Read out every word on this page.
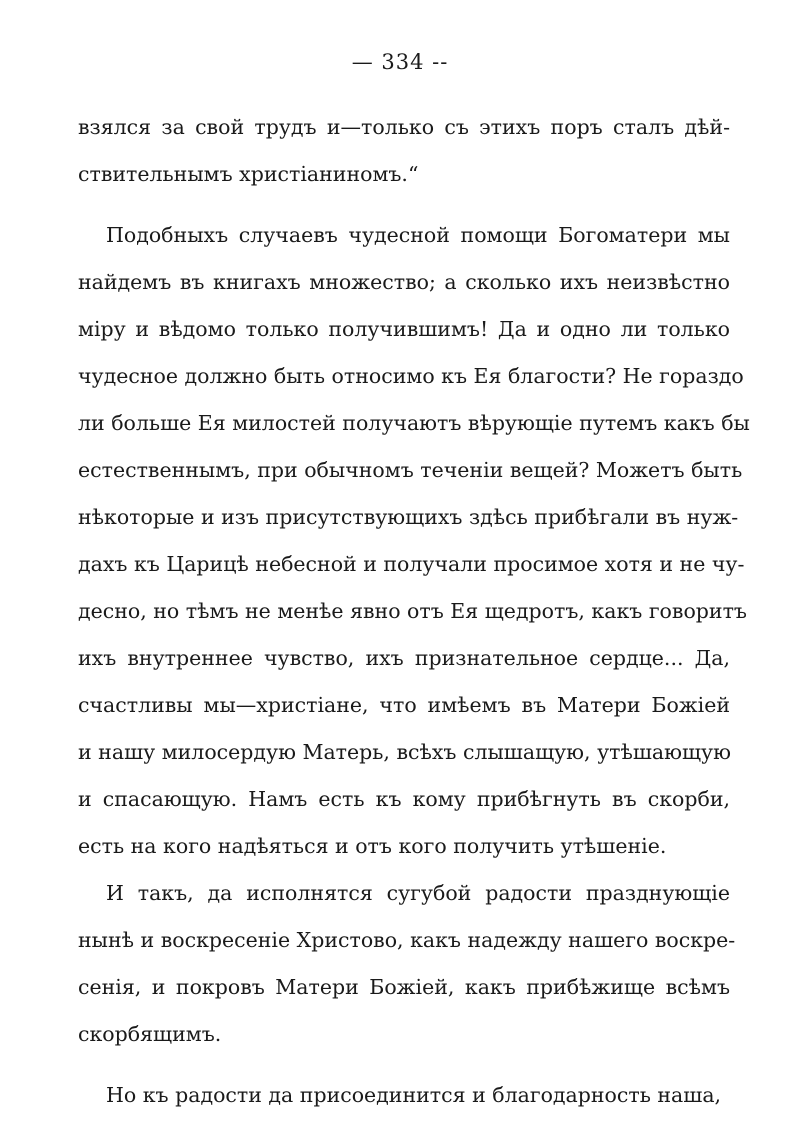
— 334 --
взялся за свой трудъ и—только съ этихъ поръ сталъ дѣй-
ствительнымъ христіаниномъ.“
Подобныхъ случаевъ чудесной помощи Богоматери мы
найдемъ въ книгахъ множество; а сколько ихъ неизвѣстно
міру и вѣдомо только получившимъ! Да и одно ли только
чудесное должно быть относимо къ Ея благости? Не гораздо
ли больше Ея милостей получаютъ вѣрующіе путемъ какъ бы
естественнымъ, при обычномъ теченіи вещей? Можетъ быть
нѣкоторые и изъ присутствующихъ здѣсь прибѣгали въ нуж-
дахъ къ Царицѣ небесной и получали просимое хотя и не чу-
десно, но тѣмъ не менѣе явно отъ Ея щедротъ, какъ говоритъ
ихъ внутреннее чувство, ихъ признательное сердце... Да,
счастливы мы—христіане, что имѣемъ въ Матери Божіей
и нашу милосердую Матерь, всѣхъ слышащую, утѣшающую
и спасающую. Намъ есть къ кому прибѣгнуть въ скорби,
есть на кого надѣяться и отъ кого получить утѣшеніе.
И такъ, да исполнятся сугубой радости празднующіе
нынѣ и воскресеніе Христово, какъ надежду нашего воскре-
сенія, и покровъ Матери Божіей, какъ прибѣжище всѣмъ
скорбящимъ.
Но къ радости да присоединится и благодарность наша,
